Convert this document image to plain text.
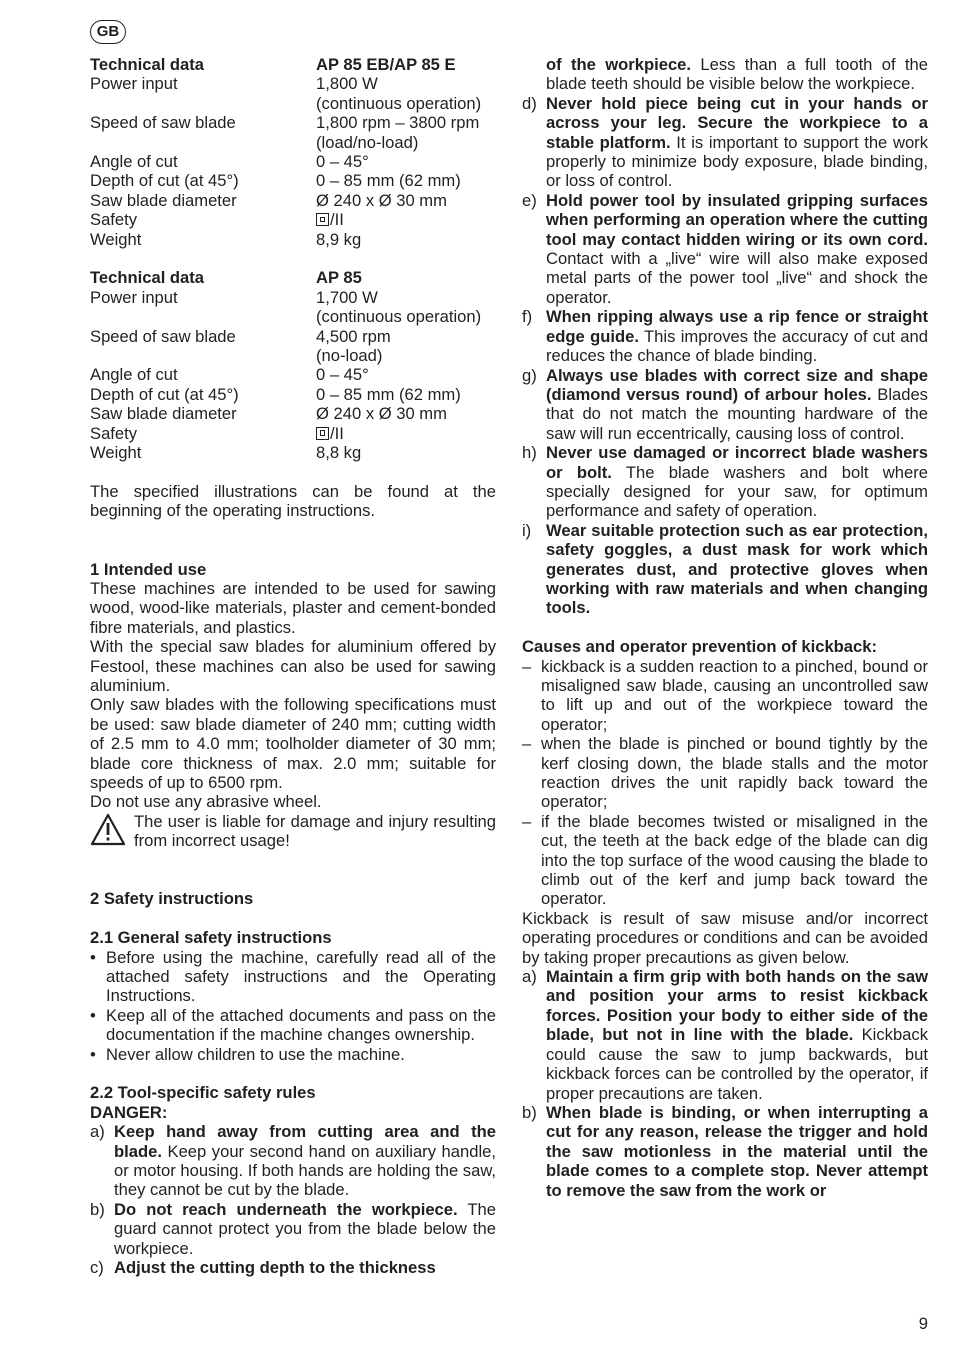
GB
Technical data	AP 85 EB/AP 85 E
Power input	1,800 W
(continuous operation)
Speed of saw blade	1,800 rpm – 3800 rpm
(load/no-load)
Angle of cut	0 – 45°
Depth of cut (at 45°)	0 – 85 mm (62 mm)
Saw blade diameter	Ø 240 x Ø 30 mm
Safety	/II
Weight	8,9 kg
Technical data	AP 85
Power input	1,700 W
(continuous operation)
Speed of saw blade	4,500 rpm
(no-load)
Angle of cut	0 – 45°
Depth of cut (at 45°)	0 – 85 mm (62 mm)
Saw blade diameter	Ø 240 x Ø 30 mm
Safety	/II
Weight	8,8 kg

The specified illustrations can be found at the beginning of the operating instructions.

1 Intended use

These machines are intended to be used for sawing wood, wood-like materials, plaster and cement-bonded fibre materials, and plastics.

With the special saw blades for aluminium offered by Festool, these machines can also be used for sawing aluminium.

Only saw blades with the following specifications must be used: saw blade diameter of 240 mm; cutting width of 2.5 mm to 4.0 mm; toolholder diameter of 30 mm; blade core thickness of max. 2.0 mm; suitable for speeds of up to 6500 rpm.

Do not use any abrasive wheel.

The user is liable for damage and injury resulting from incorrect usage!
2 Safety instructions
2.1 General safety instructions
• Before using the machine, carefully read all of the attached safety instructions and the Operating Instructions.
• Keep all of the attached documents and pass on the documentation if the machine changes ownership.
• Never allow children to use the machine.
2.2 Tool-specific safety rules
DANGER:
a) Keep hand away from cutting area and the blade. Keep your second hand on auxiliary handle, or motor housing. If both hands are holding the saw, they cannot be cut by the blade.
b) Do not reach underneath the workpiece. The guard cannot protect you from the blade below the workpiece.
c) Adjust the cutting depth to the thickness
of the workpiece. Less than a full tooth of the blade teeth should be visible below the workpiece.
d) Never hold piece being cut in your hands or across your leg. Secure the workpiece to a stable platform. It is important to support the work properly to minimize body exposure, blade binding, or loss of control.
e) Hold power tool by insulated gripping surfaces when performing an operation where the cutting tool may contact hidden wiring or its own cord. Contact with a „live“ wire will also make exposed metal parts of the power tool „live“ and shock the operator.
f) When ripping always use a rip fence or straight edge guide. This improves the accuracy of cut and reduces the chance of blade binding.
g) Always use blades with correct size and shape (diamond versus round) of arbour holes. Blades that do not match the mounting hardware of the saw will run eccentrically, causing loss of control.
h) Never use damaged or incorrect blade washers or bolt. The blade washers and bolt where specially designed for your saw, for optimum performance and safety of operation.
i) Wear suitable protection such as ear protection, safety goggles, a dust mask for work which generates dust, and protective gloves when working with raw materials and when changing tools.
Causes and operator prevention of kickback:
– kickback is a sudden reaction to a pinched, bound or misaligned saw blade, causing an uncontrolled saw to lift up and out of the workpiece toward the operator;
– when the blade is pinched or bound tightly by the kerf closing down, the blade stalls and the motor reaction drives the unit rapidly back toward the operator;
– if the blade becomes twisted or misaligned in the cut, the teeth at the back edge of the blade can dig into the top surface of the wood causing the blade to climb out of the kerf and jump back toward the operator.

Kickback is result of saw misuse and/or incorrect operating procedures or conditions and can be avoided by taking proper precautions as given below.

a) Maintain a firm grip with both hands on the saw and position your arms to resist kickback forces. Position your body to either side of the blade, but not in line with the blade. Kickback could cause the saw to jump backwards, but kickback forces can be controlled by the operator, if proper precautions are taken.
b) When blade is binding, or when interrupting a cut for any reason, release the trigger and hold the saw motionless in the material until the blade comes to a complete stop. Never attempt to remove the saw from the work or
9
